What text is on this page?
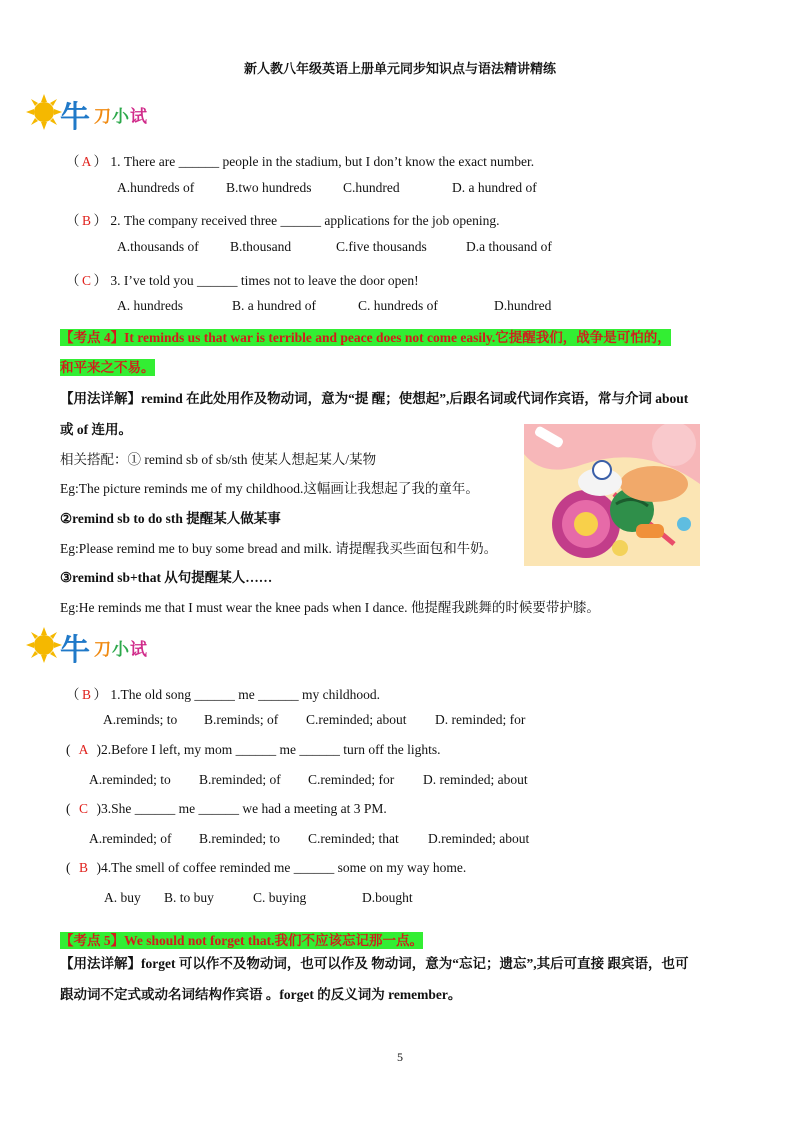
新人教八年级英语上册单元同步知识点与语法精讲精练
牛 刀 小 试
（ A ） 1. There are ______ people in the stadium, but I don’t know the exact number.
A.hundreds of B.two hundreds C.hundred	D. a hundred of
（ B ） 2. The company received three ______ applications for the job opening.
A.thousands of B.thousand	C.five thousands	D.a thousand of
（ C ） 3. I’ve told you ______ times not to leave the door open!
A. hundreds	B. a hundred of	C. hundreds of	D.hundred
【考点 4】It reminds us that war is terrible and peace does not come easily.它提醒我们，战争是可怕的，
和平来之不易。
【用法详解】remind 在此处用作及物动词，意为“提 醒；使想起”,后跟名词或代词作宾语，常与介词 about
或 of 连用。
相关搭配：① remind sb of sb/sth 使某人想起某人/某物
Eg:The picture reminds me of my childhood.这幅画让我想起了我的童年。
②remind sb to do sth 提醒某人做某事
Eg:Please remind me to buy some bread and milk. 请提醒我买些面包和牛奶。
③remind sb+that 从句提醒某人……
Eg:He reminds me that I must wear the knee pads when I dance. 他提醒我跳舞的时候要带护膝。
牛 刀 小 试
（ B ） 1.The old song ______ me ______ my childhood.
A.reminds; to B.reminds; of C.reminded; about D. reminded; for
( A )2.Before I left, my mom ______ me ______ turn off the lights.
A.reminded; to B.reminded; of C.reminded; for D. reminded; about
( C )3.She ______ me ______ we had a meeting at 3 PM.
A.reminded; of B.reminded; to C.reminded; that D.reminded; about
( B )4.The smell of coffee reminded me ______ some on my way home.
A. buy B. to buy	C. buying	D.bought
【考点 5】We should not forget that.我们不应该忘记那一点。
【用法详解】forget 可以作不及物动词，也可以作及 物动词，意为“忘记；遗忘”,其后可直接 跟宾语，也可
跟动词不定式或动名词结构作宾语 。forget 的反义词为 remember。
5
